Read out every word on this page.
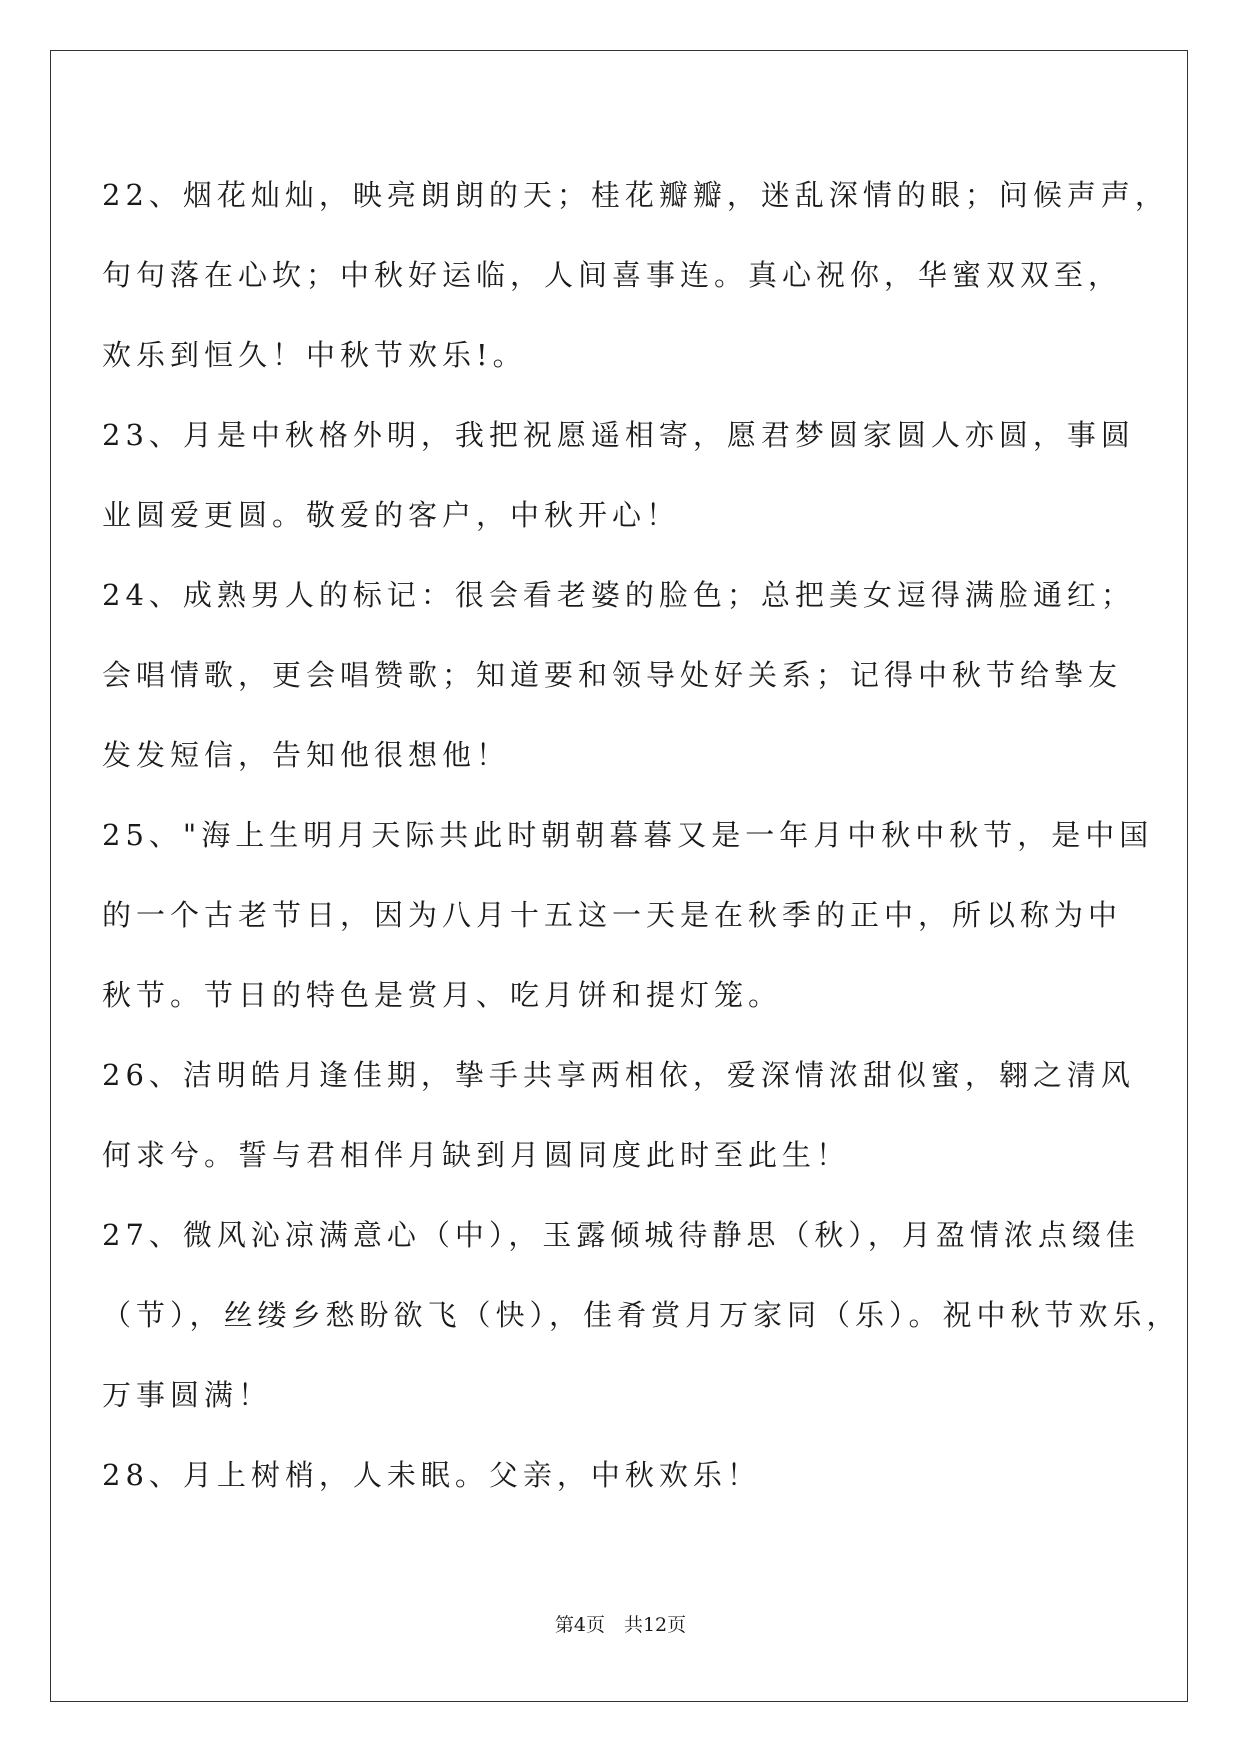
22、烟花灿灿，映亮朗朗的天；桂花瓣瓣，迷乱深情的眼；问候声声，
句句落在心坎；中秋好运临，人间喜事连。真心祝你，华蜜双双至，
欢乐到恒久！中秋节欢乐!。
23、月是中秋格外明，我把祝愿遥相寄，愿君梦圆家圆人亦圆，事圆
业圆爱更圆。敬爱的客户，中秋开心！
24、成熟男人的标记：很会看老婆的脸色；总把美女逗得满脸通红；
会唱情歌，更会唱赞歌；知道要和领导处好关系；记得中秋节给挚友
发发短信，告知他很想他！
25、"海上生明月天际共此时朝朝暮暮又是一年月中秋中秋节，是中国
的一个古老节日，因为八月十五这一天是在秋季的正中，所以称为中
秋节。节日的特色是赏月、吃月饼和提灯笼。
26、洁明皓月逢佳期，挚手共享两相依，爱深情浓甜似蜜，翱之清风
何求兮。誓与君相伴月缺到月圆同度此时至此生！
27、微风沁凉满意心（中），玉露倾城待静思（秋），月盈情浓点缀佳
（节），丝缕乡愁盼欲飞（快），佳肴赏月万家同（乐）。祝中秋节欢乐，
万事圆满！
28、月上树梢，人未眠。父亲，中秋欢乐！
第4页　共12页
